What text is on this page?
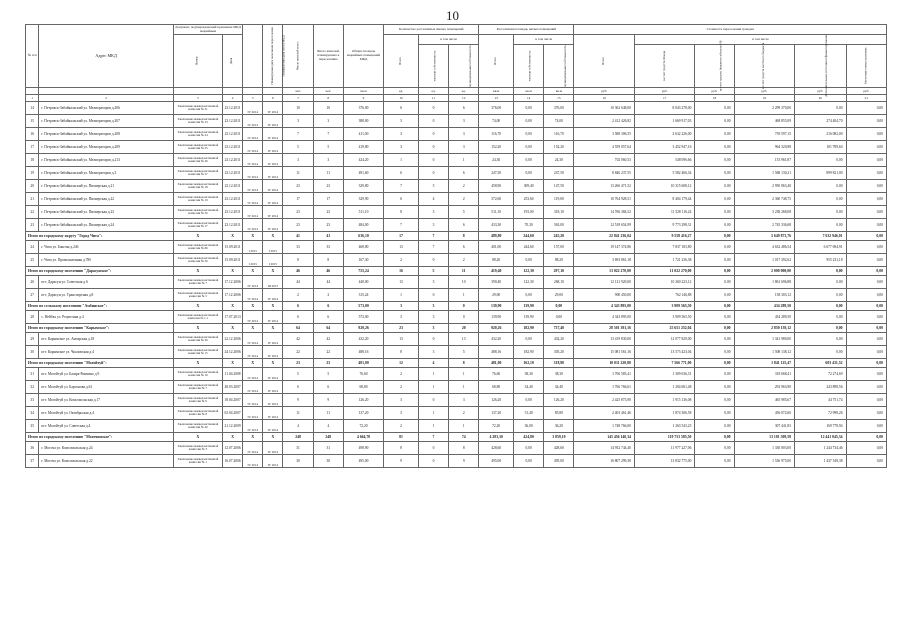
10
№ п/п	Адрес МКД	Документ, подтверждающий признание МКД аварийным		Планируемая дата окончания переселения	Планируемая дата сноса МКД	Число жителей всего	Число жителей, планируемых к переселению	Общая площадь аварийных помещений МКД	Количество расселяемых жилых помещений			Расселяемая площадь жилых помещений			Стоимость переселения граждан					
		Номер	Дата						Всего	в том числе		Всего	в том числе		Всего	в том числе				
										частная собственность	муниципальная собственность		частная собственность	муниципальная собственность		за счет средств Фонда	за счет средств бюджета субъекта РФ	за счет средств местного бюджета	Дополнительные источники финансирования	Расчетная сумма экономии
						чел.	чел.	кв.м	ед.	ед.	ед.	кв.м	кв.м	кв.м	руб.	руб.	руб.	руб.	руб.	руб.
1	2	3	4	5	6	7	8	9	10	11	12	13	14	15	16	17	18	19	20	21
14	г. Петровск-Забайкальский ул. Мелиораторов д.206	Заключение межведомственной комиссии № 21	23.12.2011	IV 2014	IV 2014	10	10	376,00	6	0	6	376,00	0,00	376,00	10 362 648,00	8 043 278,00	0,00	2 299 370,00	0,00	0,00
15	г. Петровск-Забайкальский ул. Мелиораторов д.207	Заключение межведомственной комиссии № 23	23.12.2011	IV 2014	IV 2014	3	3	388,00	3	0	3	74,00	0,00	74,00	2 412 426,82	1 669 917,03	0,00	468 855,09	274 404,70	0,00
16	г. Петровск-Забайкальский ул. Мелиораторов д.208	Заключение межведомственной комиссии № 24	23.12.2011	IV 2014	IV 2014	7	7	411,00	3	0	3	116,70	0,00	116,70	3 588 306,55	2 632 226,00	0,00	739 597,15	216 082,00	0,00
17	г. Петровск-Забайкальский ул. Мелиораторов д.209	Заключение межведомственной комиссии № 25	23.12.2011	IV 2014	IV 2014	5	5	419,80	3	0	3	152,20	0,00	152,20	4 559 057,64	3 452 947,16	0,00	964 320,88	101 789,60	0,00
18	г. Петровск-Забайкальский ул. Мелиораторов д.213	Заключение межведомственной комиссии № 26	23.12.2011	IV 2014	IV 2014	3	3	424,20	1	0	1	24,30	0,00	24,30	702 060,53	548 096,66	0,00	153 961,87	0,00	0,00
19	г. Петровск-Забайкальский ул. Мелиораторов д.3	Заключение межведомственной комиссии № 27	23.12.2011	IV 2014	IV 2014	11	11	491,60	6	0	6	247,50	0,00	247,50	8 846 237,55	5 582 466,34	0,00	1 568 130,21	899 821,00	0,00
20	г. Петровск-Забайкальский ул. Пионерская д.21	Заключение межведомственной комиссии № 18	23.12.2011	IV 2014	IV 2014	23	23	329,80	7	5	2	458,90	309,40	147,50	13 266 471,52	10 315 608,12	0,00	2 950 863,40	0,00	0,00
21	г. Петровск-Забайкальский ул. Пионерская д.22	Заключение межведомственной комиссии № 19	23.12.2011	IV 2014	IV 2014	17	17	329,90	6	4	2	372,60	253,60	119,00	10 764 928,51	8 404 179,44	0,00	2 360 748,75	0,00	0,00
22	г. Петровск-Забайкальский ул. Пионерская д.23	Заключение межведомственной комиссии № 20	23.12.2011	IV 2014	IV 2014	23	23	511,10	8	3	5	511,10	193,00	318,10	14 766 384,52	11 528 116,24	0,00	3 238 268,08	0,00	0,00
23	г. Петровск-Забайкальский ул. Пионерская д.24	Заключение межведомственной комиссии № 17	23.12.2011	IV 2014	IV 2014	23	23	484,00	7	3	6	433,30	70,30	363,00	12 518 654,99	9 773 298,31	0,00	2 745 336,68	0,00	0,00
Итого по городскому округу "Город Чита":		X	X	X	X	41	41	636,10	17	7	8	489,80	244,60	245,20	22 841 236,04	9 558 416,27	0,00	5 649 873,76	7 632 946,01	0,00
24	г. Чита ул. Баштан д.24б	Заключение межведомственной комиссии № 66	15.09.2011	I 2015	I 2015	33	33	468,80	13	7	6	401,00	244,60	157,00	19 147 374,86	7 837 183,80	0,00	4 632 486,54	6 677 694,91	0,00
25	г. Чита ул. Промышленная д.78б	Заключение межведомственной комиссии № 29	15.09.2011	I 2015	I 2015	8	8	167,30	2	0	2	88,20	0,00	88,20	3 693 861,18	1 721 236,38	0,00	1 017 392,62	955 231,18	0,00
Итого по городскому поселению "Дарасунское":		X	X	X	X	46	46	755,24	16	5	11	419,40	122,30	297,10	13 022 270,00	11 022 270,00	0,00	2 000 000,00	0,00	0,00
26	пгт. Дарасун ул. Советская д.6	Заключение межведомственной комиссии № 7	17.12.2006	IV 2014	III 2015	44	44	440,00	13	3	10	390,40	122,30	268,10	12 121 920,00	10 260 223,12	0,00	1 861 696,88	0,00	0,00
27	пгт. Дарасун ул. Транспортная д.8	Заключение межведомственной комиссии № 5	17.12.2006	IV 2014	IV 2014	2	2	315,24	1	0	1	29,00	0,00	29,00	900 450,00	762 146,88	0,00	138 303,12	0,00	0,00
Итого по сельскому поселению "Амбинское":		X	X	X	X	6	6	573,00	3	3	0	139,90	139,90	0,00	4 343 895,00	3 909 565,50	0,00	434 289,50	0,00	0,00
28	с. Нейбах ул. Рецептина д.4	Заключение межведомственной комиссии № 1-1	17.07.2013	IV 2014	IV 2014	6	6	573,00	3	3	0	139,90	139,90	0,00	4 343 895,00	3 909 565,50	0,00	434 289,50	0,00	0,00
Итого по городскому поселению "Карымское":		X	X	X	X	64	64	920,26	23	3	20	920,26	182,90	737,40	28 501 391,16	25 651 252,04	0,00	2 850 139,12	0,00	0,00
29	пгт. Карымское ул. Ангарская д.18	Заключение межведомственной комиссии № 29	22.12.2006	IV 2014	IV 2014	42	42	432,20	13	0	13	432,20	0,00	432,20	13 419 830,00	12 077 829,00	0,00	1 341 980,00	0,00	0,00
30	пгт. Карымское ул. Чкаловская д.4	Заключение межведомственной комиссии № 15	24.12.2006	IV 2014	IV 2014	22	22	488,16	8	3	5	488,16	182,90	305,20	15 081 561,16	13 573 423,04	0,00	1 508 138,12	0,00	0,00
Итого по городскому поселению "Могойтуй":		X	X	X	X	23	23	481,00	12	4	8	481,00	162,10	318,90	10 011 220,80	7 566 771,00	0,00	1 841 125,47	603 431,52	0,00
31	пгт. Могойтуй ул. Базара-Ринчино д.9	Заключение межведомственной комиссии № 16	11.04.2008	IV 2014	IV 2014	5	5	76,60	2	1	1	76,60	38,30	38,30	1 706 583,41	1 309 636,31	0,00	318 668,41	72 274,69	0,00
32	пгт. Могойтуй ул. Бартонова д.61	Заключение межведомственной комиссии № 7	28.03.2007	IV 2014	IV 2014	6	6	68,80	2	1	1	68,80	34,40	34,40	1 766 766,61	1 204 661,48	0,00	292 963,90	243 898,56	0,00
33	пгт. Могойтуй ул. Комсомольская д.17	Заключение межведомственной комиссии № 9	18.04.2007	IV 2014	IV 2014	9	9	126,20	3	0	3	126,20	0,00	126,20	2 425 873,90	1 915 136,08	0,00	465 985,67	44 751,74	0,00
34	пгт. Могойтуй ул. Октябрьская д.4	Заключение межведомственной комиссии № 8	02.04.2007	IV 2014	IV 2014	11	11	137,20	3	1	2	137,20	51,40	85,80	2 403 461,46	1 874 306,58	0,00	456 072,60	72 998,26	0,00
35	пгт. Могойтуй ул. Советская д.4	Заключение межведомственной комиссии № 40	21.12.2009	IV 2014	IV 2014	4	4	72,20	2	1	1	72,20	36,00	36,20	1 748 766,00	1 263 543,23	0,00	307 441,83	169 778,94	0,00
Итого по городскому поселению "Могочинское":		X	X	X	X	248	248	4 664,70	81	7	74	4 283,30	424,80	3 859,10	145 456 140,34	119 753 585,50	0,00	13 181 509,58	12 441 045,34	0,00
36	г. Могоча ул. Комсомольская д.24	Заключение межведомственной комиссии № 3	12.07.2006	IV 2014	IV 2014	31	31	498,90	8	0	8	428,60	0,00	428,60	14 932 744,40	11 977 227,06	0,00	1 330 803,00	1 244 734,46	0,00
37	г. Могоча ул. Комсомольская д.22	Заключение межведомственной комиссии № 1	16.07.2006	IV 2014	IV 2014	30	30	495,00	9	0	9	495,00	0,00	495,00	16 807 299,38	13 832 775,00	0,00	1 536 975,00	1 437 549,38	0,00
